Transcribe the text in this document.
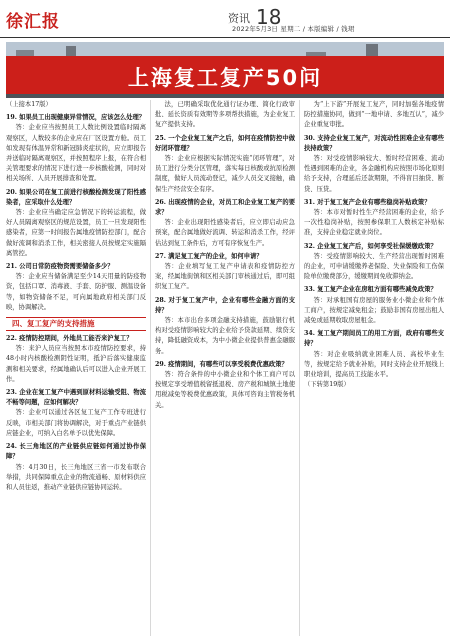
徐汇报	资讯 18
2022年5月3日 星期二 / 本版编辑 / 钱珺
上海复工复产50问

（上接本17版）

19. 如果员工出现健康异常情况，应该怎么处理？

答：企业应当按照员工人数比例设置临时隔离观察区，人数较多的企业应在厂区设置方舱。员工如发现有体温异常和新冠肺炎症状的，应立即报告并送临时隔离观察区，并按照程序上报，在符合相关管理要求的情况下进行进一步核酸检测，同时对相关场所、人员开展排查和处置。

20. 如果公司在复工前进行核酸检测发现了阳性感染者，应采取什么处理？

答：企业应当确定应急情况下的转运流程，做好人员隔离观察区的规范设置，员工一旦发现阳性感染者，应第一时间报告属地疫情防控部门，配合做好流调和消杀工作，相关密接人员按规定实施隔离管控。

21. 公司日常防疫物资需要储备多少？

答：企业应当储备满足至少14天用量的防疫物资，包括口罩、消毒液、手套、防护服、测温设备等，如物资储备不足，可向属地政府相关部门反映，协调解决。

四、复工复产的支持措施

22. 疫情防控期间，外地员工能否来沪复工？

答：来沪人员应当按照本市疫情防控要求，持48小时内核酸检测阴性证明，抵沪后落实健康监测和相关要求，经属地确认后可以进入企业开展工作。

23. 企业在复工复产中遇到原材料运输受阻、物流不畅等问题，应如何解决？

答：企业可以通过各区复工复产工作专班进行反映，市相关部门将协调解决，对于重点产业链供应链企业，可纳入白名单予以优先保障。

24. 长三角地区的产业链供应链如何通过协作保障？

答：4月30日，长三角地区三省一市发布联合举措，共同保障重点企业的物流通畅、原材料供应和人员往返，推动产业链供应链协同运转。

法，已明确采取优化通行证办理、简化行政审批、延长资质有效期等多项帮扶措施，为企业复工复产提供支持。

25. 一个企业复工复产之后，如何在疫情防控中做好闭环管理？

答：企业应根据实际情况实施“闭环管理”，对员工进行分类分区管理，落实每日核酸或抗原检测制度，做好人员流动登记，减少人员交叉接触，确保生产经营安全有序。

26. 出现疫情的企业，对员工和企业复工复产的要求？

答：企业出现阳性感染者后，应立即启动应急预案，配合属地做好流调、转运和消杀工作，经评估达到复工条件后，方可有序恢复生产。

27. 满足复工复产的企业，如何申请？

答：企业填写复工复产申请表和疫情防控方案，经属地街镇和区相关部门审核通过后，即可组织复工复产。

28. 对于复工复产中，企业有哪些金融方面的支持？

答：本市出台多项金融支持措施，鼓励银行机构对受疫情影响较大的企业给予贷款延期、续贷支持，降低融资成本，为中小微企业提供普惠金融服务。

29. 疫情期间，有哪些可以享受税费优惠政策？

答：符合条件的中小微企业和个体工商户可以按规定享受增值税留抵退税、房产税和城镇土地使用税减免等税费优惠政策，具体可咨询主管税务机关。

为“上下游”开展复工复产，同时加强各地疫情防控措施协同，做到“一地申请、多地互认”，减少企业重复审批。

30. 支持企业复工复产，对流动性困难企业有哪些扶持政策？

答：对受疫情影响较大、暂时经营困难、流动性遇到困难的企业，各金融机构应按照市场化原则给予支持，合理延后还款期限，不得盲目抽贷、断贷、压贷。

31. 对于复工复产企业有哪些稳岗补贴政策？

答：本市对暂时性生产经营困难的企业，给予一次性稳岗补贴，按照参保职工人数核定补贴标准，支持企业稳定就业岗位。

32. 企业复工复产后，如何享受社保缓缴政策？

答：受疫情影响较大、生产经营出现暂时困难的企业，可申请缓缴养老保险、失业保险和工伤保险单位缴费部分，缓缴期间免收滞纳金。

33. 复工复产企业在房租方面有哪些减免政策？

答：对承租国有房屋的服务业小微企业和个体工商户，按规定减免租金；鼓励非国有房屋出租人减免或延期收取房屋租金。

34. 复工复产期间员工的用工方面，政府有哪些支持？

答：对企业吸纳就业困难人员、高校毕业生等，按规定给予就业补贴，同时支持企业开展线上职业培训，提高员工技能水平。

（下转第19版）
